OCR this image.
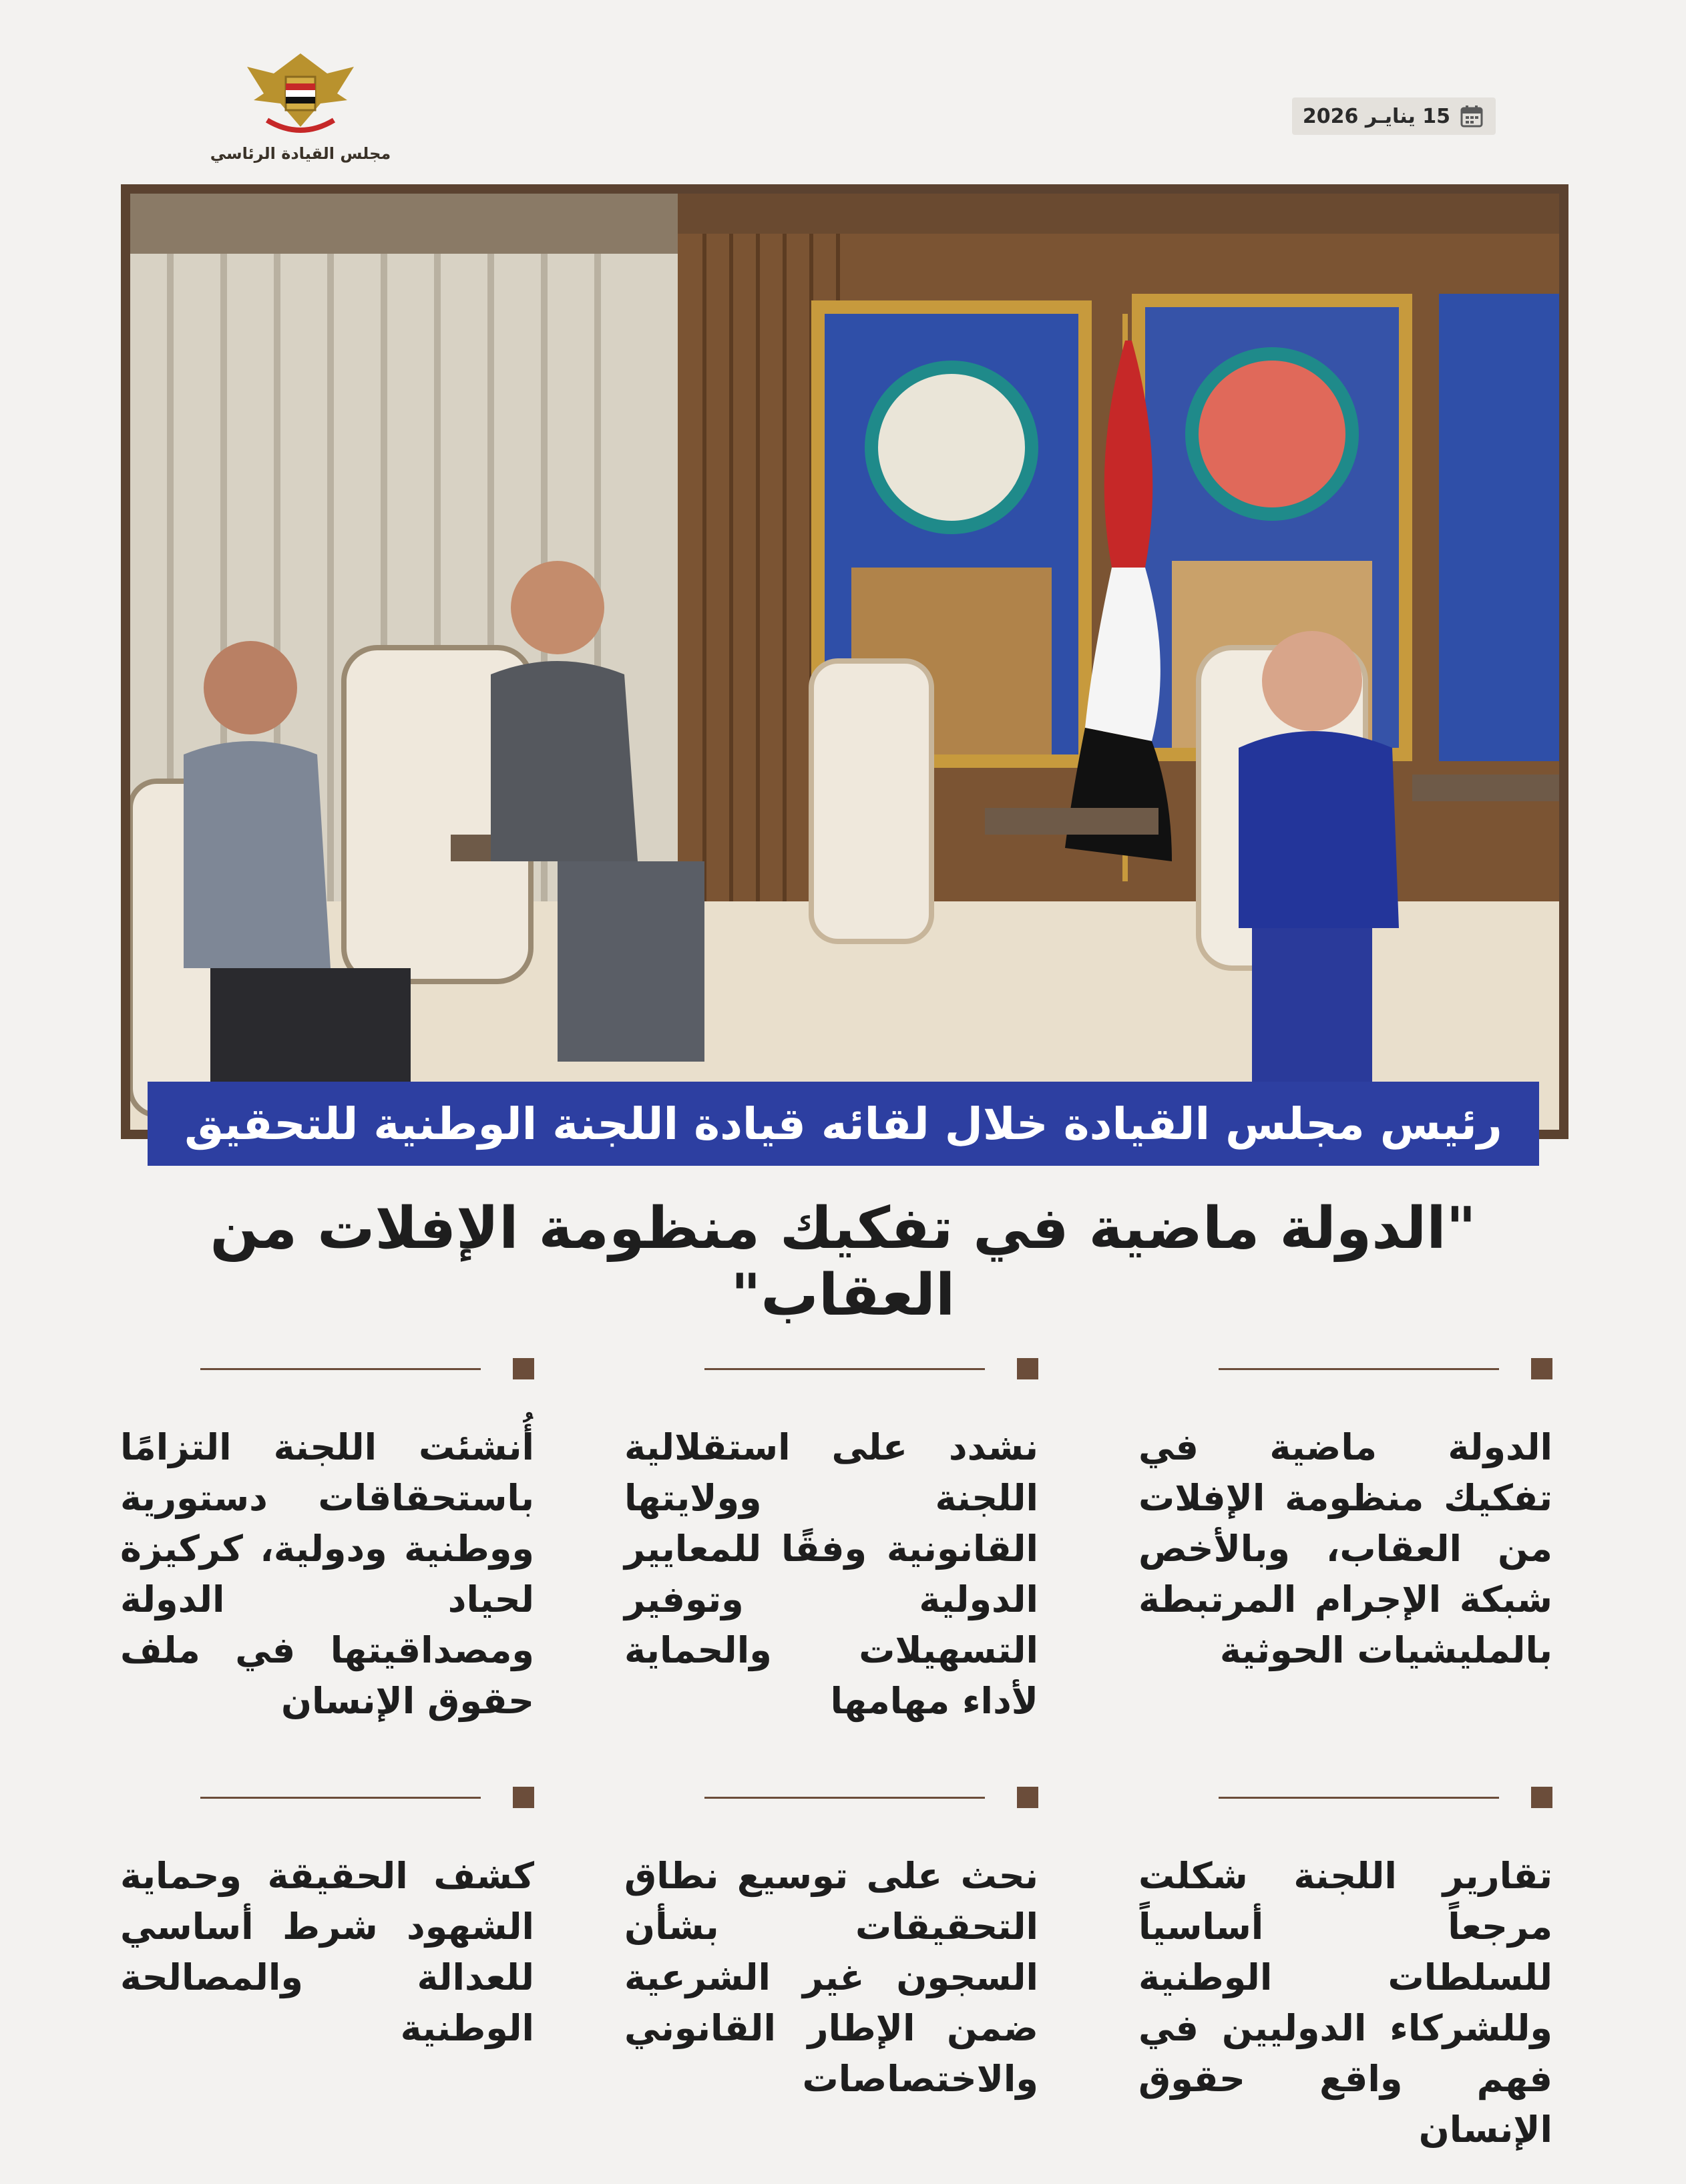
مجلس القيادة الرئاسي
15 ينايـر 2026
رئيس مجلس القيادة خلال لقائه قيادة اللجنة الوطنية للتحقيق
"الدولة ماضية في تفكيك منظومة الإفلات من العقاب"
الدولة ماضية في تفكيك منظومة الإفلات من العقاب، وبالأخص شبكة الإجرام المرتبطة بالمليشيات الحوثية
نشدد على استقلالية اللجنة وولايتها القانونية وفقًا للمعايير الدولية وتوفير التسهيلات والحماية لأداء مهامها
أُنشئت اللجنة التزامًا باستحقاقات دستورية ووطنية ودولية، كركيزة لحياد الدولة ومصداقيتها في ملف حقوق الإنسان
تقارير اللجنة شكلت مرجعاً أساسياً للسلطات الوطنية وللشركاء الدوليين في فهم واقع حقوق الإنسان
نحث على توسيع نطاق التحقيقات بشأن السجون غير الشرعية ضمن الإطار القانوني والاختصاصات
كشف الحقيقة وحماية الشهود شرط أساسي للعدالة والمصالحة الوطنية
